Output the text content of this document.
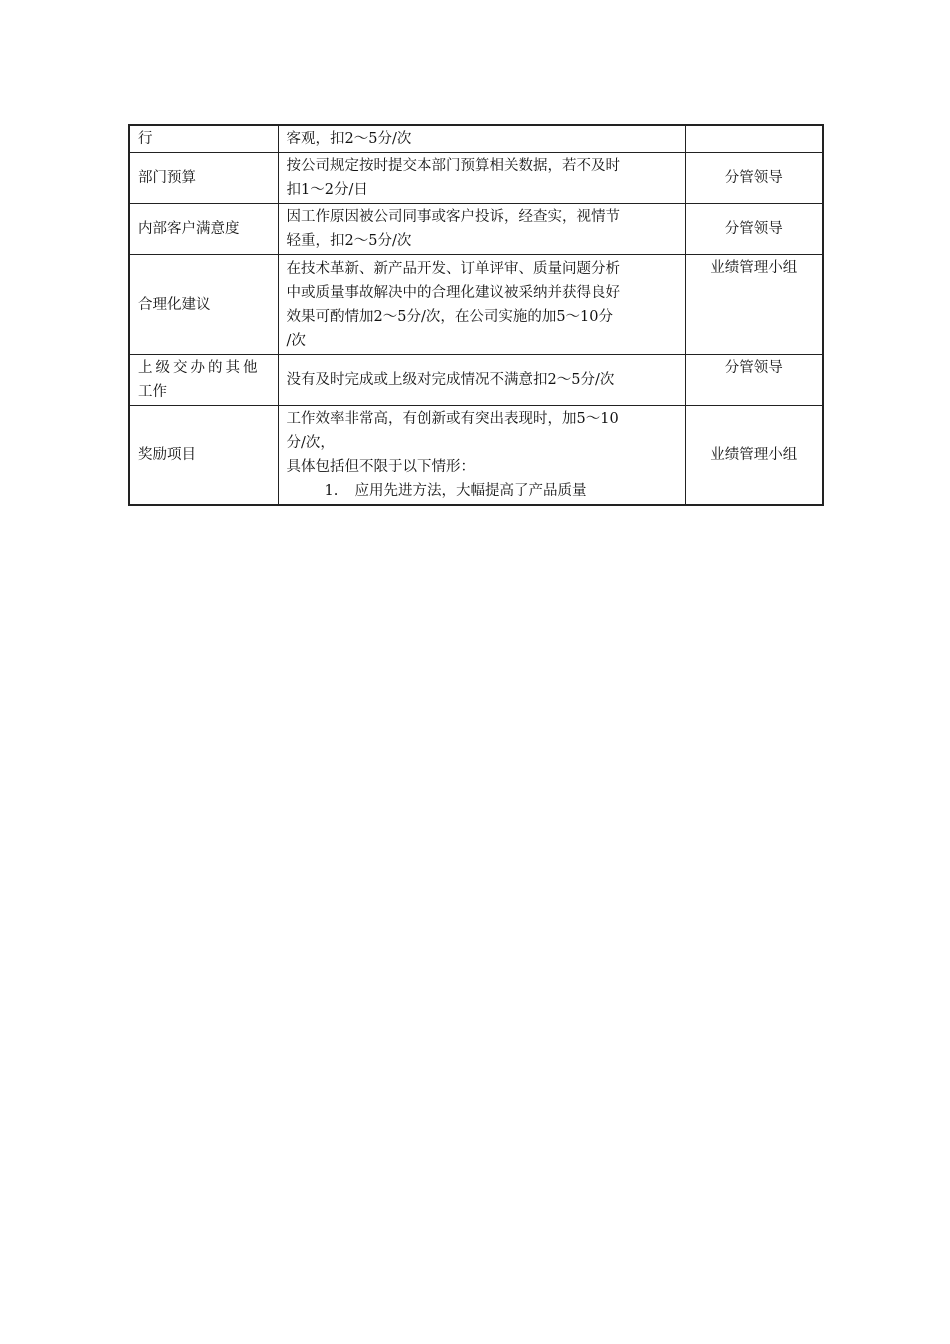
行	客观，扣2～5分/次	

部门预算	按公司规定按时提交本部门预算相关数据，若不及时
扣1～2分/日	分管领导
内部客户满意度	因工作原因被公司同事或客户投诉，经查实，视情节
轻重，扣2～5分/次	分管领导
合理化建议	在技术革新、新产品开发、订单评审、质量问题分析
中或质量事故解决中的合理化建议被采纳并获得良好
效果可酌情加2～5分/次，在公司实施的加5～10分
/次	业绩管理小组

上级交办的其他
工作	没有及时完成或上级对完成情况不满意扣2～5分/次	分管领导
奖励项目	工作效率非常高，有创新或有突出表现时，加5～10
分/次，
具体包括但不限于以下情形：
1. 应用先进方法，大幅提高了产品质量	业绩管理小组
